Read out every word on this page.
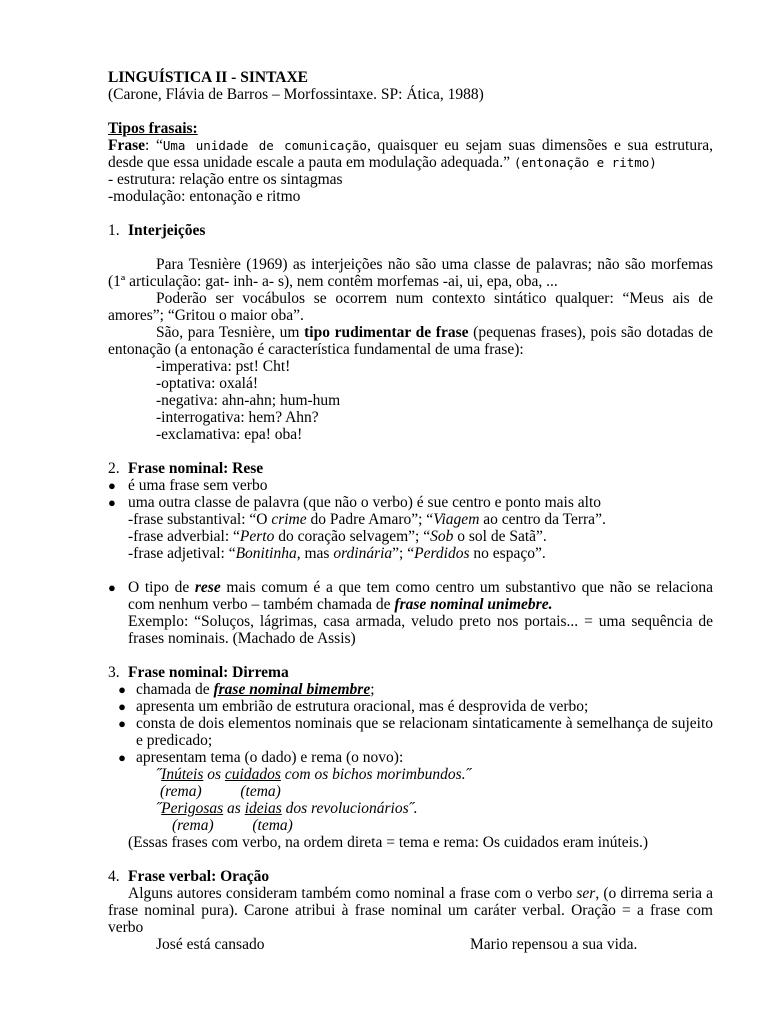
LINGUÍSTICA II - SINTAXE
(Carone, Flávia de Barros – Morfossintaxe. SP: Ática, 1988)
Tipos frasais:
Frase: “Uma unidade de comunicação, quaisquer eu sejam suas dimensões e sua estrutura, desde que essa unidade escale a pauta em modulação adequada.” (entonação e ritmo)
- estrutura: relação entre os sintagmas
-modulação: entonação e ritmo
1. Interjeições
Para Tesnière (1969) as interjeições não são uma classe de palavras; não são morfemas (1ª articulação: gat- inh- a- s), nem contêm morfemas -ai, ui, epa, oba, ...
Poderão ser vocábulos se ocorrem num contexto sintático qualquer: “Meus ais de amores”; “Gritou o maior oba”.
São, para Tesnière, um tipo rudimentar de frase (pequenas frases), pois são dotadas de entonação (a entonação é característica fundamental de uma frase):
-imperativa: pst! Cht!
-optativa: oxalá!
-negativa: ahn-ahn; hum-hum
-interrogativa: hem? Ahn?
-exclamativa: epa! oba!
2. Frase nominal: Rese
● é uma frase sem verbo
● uma outra classe de palavra (que não o verbo) é sue centro e ponto mais alto
-frase substantival: “O crime do Padre Amaro”; “Viagem ao centro da Terra”.
-frase adverbial: “Perto do coração selvagem”; “Sob o sol de Satã”.
-frase adjetival: “Bonitinha, mas ordinária”; “Perdidos no espaço”.
● O tipo de rese mais comum é a que tem como centro um substantivo que não se relaciona com nenhum verbo – também chamada de frase nominal unimebre.
Exemplo: “Soluços, lágrimas, casa armada, veludo preto nos portais... = uma sequência de frases nominais. (Machado de Assis)
3. Frase nominal: Dirrema
● chamada de frase nominal bimembre;
● apresenta um embrião de estrutura oracional, mas é desprovida de verbo;
● consta de dois elementos nominais que se relacionam sintaticamente à semelhança de sujeito e predicado;
● apresentam tema (o dado) e rema (o novo):
˝Inúteis os cuidados com os bichos morimbundos.˝
(rema)          (tema)
˝Perigosas as ideias dos revolucionários˝.
(rema)          (tema)
(Essas frases com verbo, na ordem direta = tema e rema: Os cuidados eram inúteis.)
4. Frase verbal: Oração
Alguns autores consideram também como nominal a frase com o verbo ser, (o dirrema seria a frase nominal pura). Carone atribui à frase nominal um caráter verbal. Oração = a frase com verbo
José está cansado	Mario repensou a sua vida.
